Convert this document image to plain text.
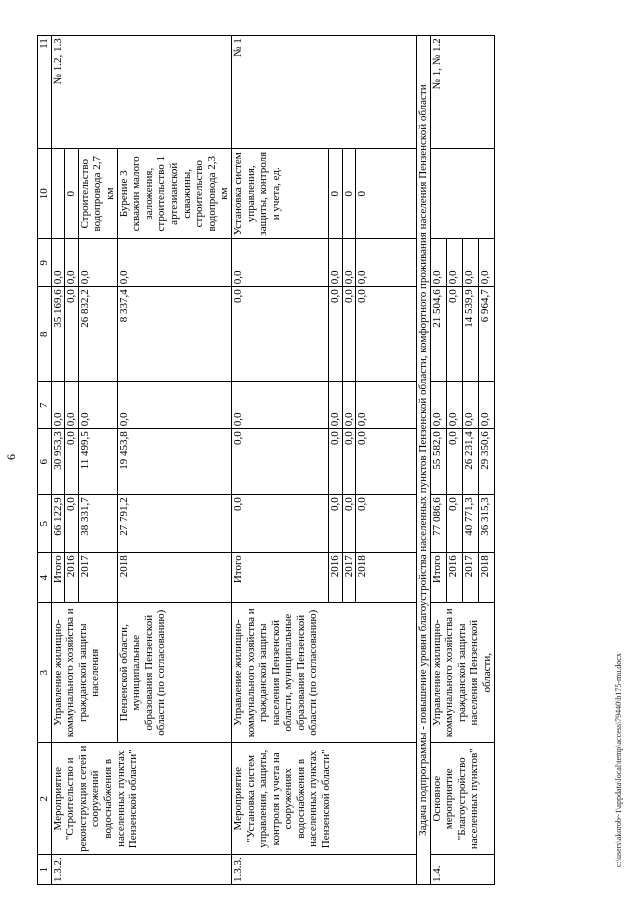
6
1	2	3	4	5	6	7	8	9	10	11
1.3.2.	Мероприятие "Строительство и реконструкция сетей и сооружений водоснабжения в населенных пунктах Пензенской области"	Управление жилищно-коммунального хозяйства и гражданской защиты населения	Итого	66 122,9	30 953,3	0,0	35 169,6	0,0		№ 1.2, 1.3
			2016	0,0	0,0	0,0	0,0	0,0	0	
			2017	38 331,7	11 499,5	0,0	26 832,2	0,0	Строительство водопровода 2,7 км	
		Пензенской области, муниципальные образования Пензенской области (по согласованию)	2018	27 791,2	19 453,8	0,0	8 337,4	0,0	Бурение 3 скважин малого заложения, строительство 1 артезианской скважины, строительство водопровода 2,3 км	
1.3.3.	Мероприятие "Установка систем управления, защиты, контроля и учета на сооружениях водоснабжения в населенных пунктах Пензенской области"	Управление жилищно-коммунального хозяйства и гражданской защиты населения Пензенской области, муниципальные образования Пензенской области (по согласованию)	Итого	0,0	0,0	0,0	0,0	0,0	Установка систем управления, защиты, контроля и учета, ед.	№ 1
			2016	0,0	0,0	0,0	0,0	0,0	0	
			2017	0,0	0,0	0,0	0,0	0,0	0	
			2018	0,0	0,0	0,0	0,0	0,0	0	
Задача подпрограммы - повышение уровня благоустройства населенных пунктов Пензенской области, комфортного проживания населения Пензенской области										
1.4.	Основное мероприятие "Благоустройство населенных пунктов"	Управление жилищно-коммунального хозяйства и гражданской защиты населения Пензенской области,	Итого	77 086,6	55 582,0	0,0	21 504,6	0,0		№ 1, № 1.2
			2016	0,0	0,0	0,0	0,0	0,0		
			2017	40 771,3	26 231,4	0,0	14 539,9	0,0		
			2018	36 315,3	29 350,6	0,0	6 964,7	0,0		
c:\users\akorob~1\appdata\local\temp\access\79440\b175-mu.docx
